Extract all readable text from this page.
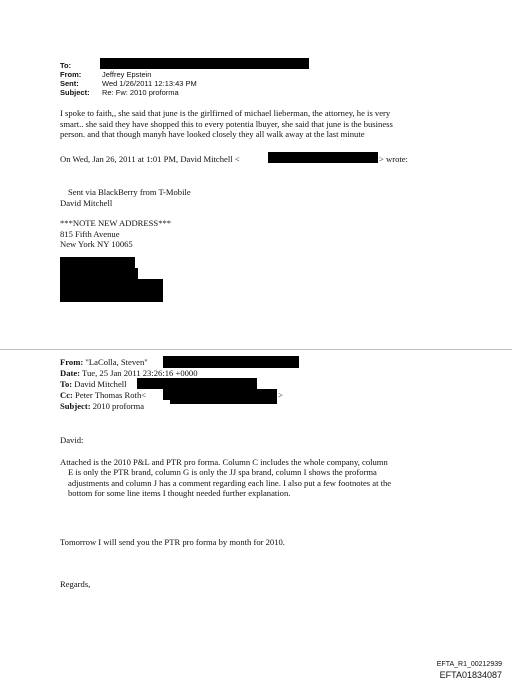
To:
From:	Jeffrey Epstein
Sent:	Wed 1/26/2011 12:13:43 PM
Subject: Re: Fw: 2010 proforma
I spoke to faith,, she said that june is the girlfirned of michael lieberman, the attorney, he is very
smart.. she said they have shopped this to every potentia lbuyer, she said that june is the business
person. and that though manyh have looked closely they all walk away at the last minute
On Wed, Jan 26, 2011 at 1:01 PM, David Mitchell <	> wrote:
Sent via BlackBerry from T-Mobile
David Mitchell
***NOTE NEW ADDRESS***
815 Fifth Avenue
New York NY 10065
From: "LaColla, Steven"
Date: Tue, 25 Jan 2011 23:26:16 +0000
To: David Mitchell
Cc: Peter Thomas Roth<	>
Subject: 2010 proforma
David:
Attached is the 2010 P&L and PTR pro forma. Column C includes the whole company, column
E is only the PTR brand, column G is only the JJ spa brand, column I shows the proforma
adjustments and column J has a comment regarding each line. I also put a few footnotes at the
bottom for some line items I thought needed further explanation.
Tomorrow I will send you the PTR pro forma by month for 2010.
Regards,
EFTA_R1_00212939
EFTA01834087
